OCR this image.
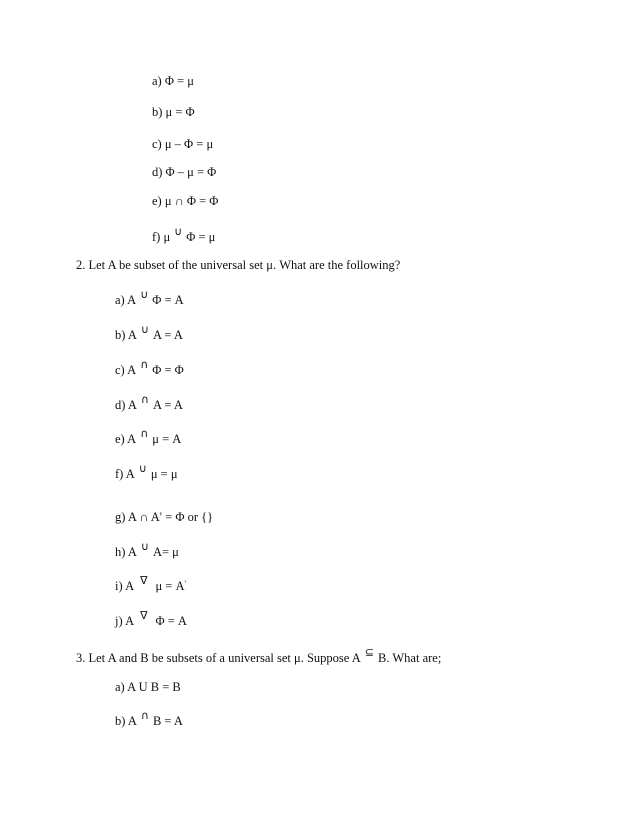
a) Φ = μ
b) μ = Φ
c) μ – Φ = μ
d) Φ – μ = Φ
e) μ ∩ Φ = Φ
f) μ ∪ Φ = μ
2. Let A be subset of the universal set μ. What are the following?
a) A ∪ Φ = A
b) A ∪ A = A
c) A ∩ Φ = Φ
d) A ∩ A = A
e) A ∩ μ = A
f) A ∪ μ = μ
g) A ∩ A' = Φ or {}
h) A ∪ A= μ
i) A ∇ μ = A'
j) A ∇ Φ = A
3. Let A and B be subsets of a universal set μ. Suppose A ⊆ B. What are;
a) A U B = B
b) A ∩ B = A
